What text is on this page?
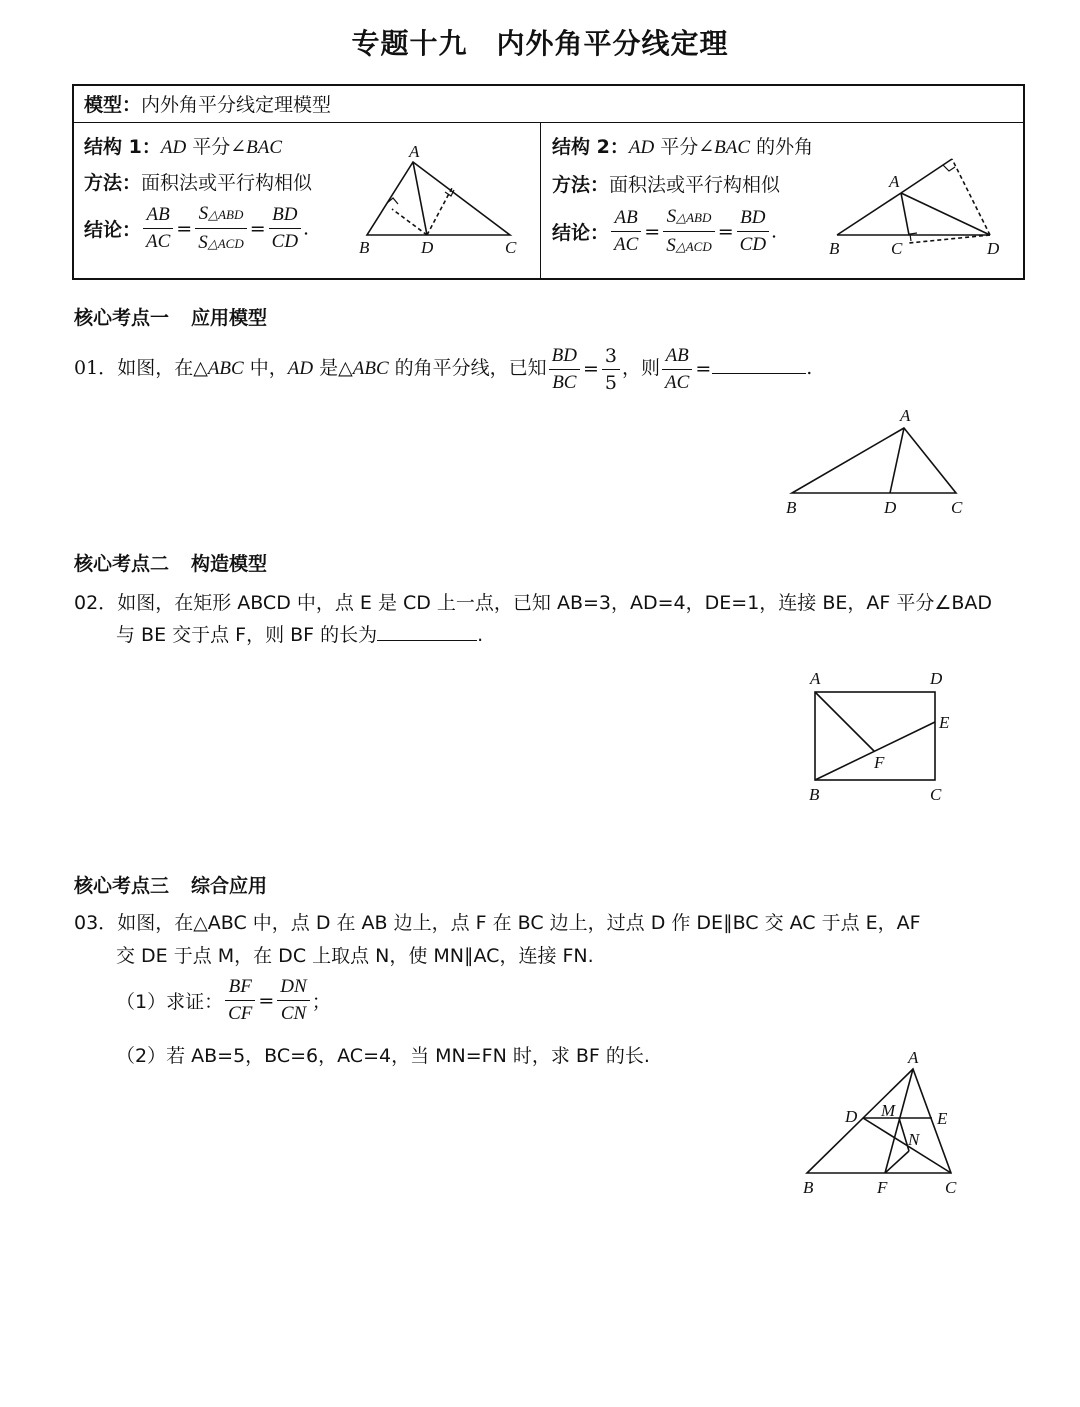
专题十九　内外角平分线定理
模型：内外角平分线定理模型
结构 1：AD 平分∠BAC
方法：面积法或平行构相似
结论： $\frac{AB}{AC} = \frac{\text{S△ABD}}{\text{S△ACD}} = \frac{BD}{CD}$ .
A
B	D	C
结构 2：AD 平分∠BAC 的外角
方法：面积法或平行构相似
结论： $\frac{AB}{AC} = \frac{\text{S△ABD}}{\text{S△ACD}} = \frac{BD}{CD}$ .
A
B	C	D
核心考点一 应用模型
01．如图，在△ABC 中，AD 是△ABC 的角平分线，已知 $\frac{BD}{BC} = \frac{3}{5}$ ，则 $\frac{AB}{AC}$ =	.
A
B	D	C
核心考点二 构造模型
02．如图，在矩形 ABCD 中，点 E 是 CD 上一点，已知 AB=3，AD=4，DE=1，连接 BE，AF 平分∠BAD
与 BE 交于点 F，则 BF 的长为	.
A	D
E
F
B	C
核心考点三 综合应用
03．如图，在△ABC 中，点 D 在 AB 边上，点 F 在 BC 边上，过点 D 作 DE∥BC 交 AC 于点 E，AF
交 DE 于点 M，在 DC 上取点 N，使 MN∥AC，连接 FN.
（1）求证： $\frac{BF}{CF} = \frac{DN}{CN}$ ；
（2）若 AB=5，BC=6，AC=4，当 MN=FN 时，求 BF 的长.	A
D M E
N
B	F	C
